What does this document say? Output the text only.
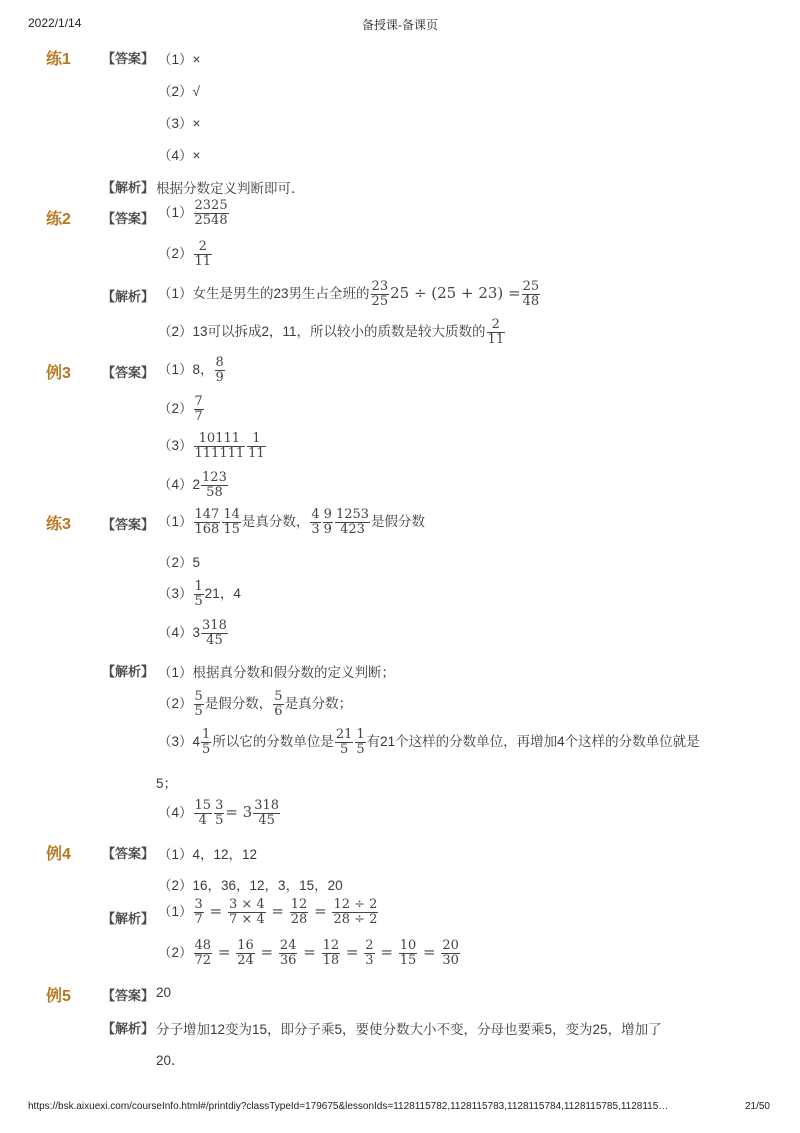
2022/1/14	备授课-备课页
练1 【答案】 （1）×
（2）√
（3）×
（4）×
【解析】 根据分数定义判断即可．
练2 【答案】 $(1) \frac{2325}{2548}$
$(2) \frac{2}{11}$
【解析】 （1）女生是男生的23男生占全班的 $\frac{23}{25} 25 \div (25 + 23) = \frac{25}{48}$
（2）13可以拆成2，11，所以较小的质数是较大质数的 $\frac{2}{11}$
例3 【答案】 （1）8， $\frac{8}{9}$
$(2) \frac{7}{7}$
$(3) \frac{10111}{111111} \frac{1}{11}$
$(4)2 \frac{123}{58}$
练3 【答案】 $(1) \frac{147}{168} \frac{14}{15}$ 是真分数， $\frac{4}{3} \frac{9}{9} \frac{1253}{423}$ 是假分数
（2）5
$(3) \frac{1}{5} 21$，4
$(4)3 \frac{318}{45}$
【解析】 （1）根据真分数和假分数的定义判断；
$(2) \frac{5}{5}$ 是假分数， $\frac{5}{6}$ 是真分数；
$(3)4 \frac{1}{5}$ 所以它的分数单位是 $\frac{21}{5} \frac{1}{5}$ 有21个这样的分数单位，再增加4个这样的分数单位就是
5；
$(4) \frac{15}{4} \frac{3}{5} = 3 \frac{318}{45}$
例4 【答案】 （1）4，12，12
（2）16，36，12，3，15，20
【解析】 $(1) \frac{3}{7} = \frac{3 \times 4}{7 \times 4} = \frac{12}{28} = \frac{12 \div 2}{28 \div 2}$
$(2) \frac{48}{72} = \frac{16}{24} = \frac{24}{36} = \frac{12}{18} = \frac{2}{3} = \frac{10}{15} = \frac{20}{30}$
例5 【答案】 20
【解析】 分子增加12变为15，即分子乘5，要使分数大小不变，分母也要乘5，变为25，增加了
20．
https://bsk.aixuexi.com/courseInfo.html#/printdiy?classTypeId=179675&lessonIds=1128115782,1128115783,1128115784,1128115785,1128115…	21/50
